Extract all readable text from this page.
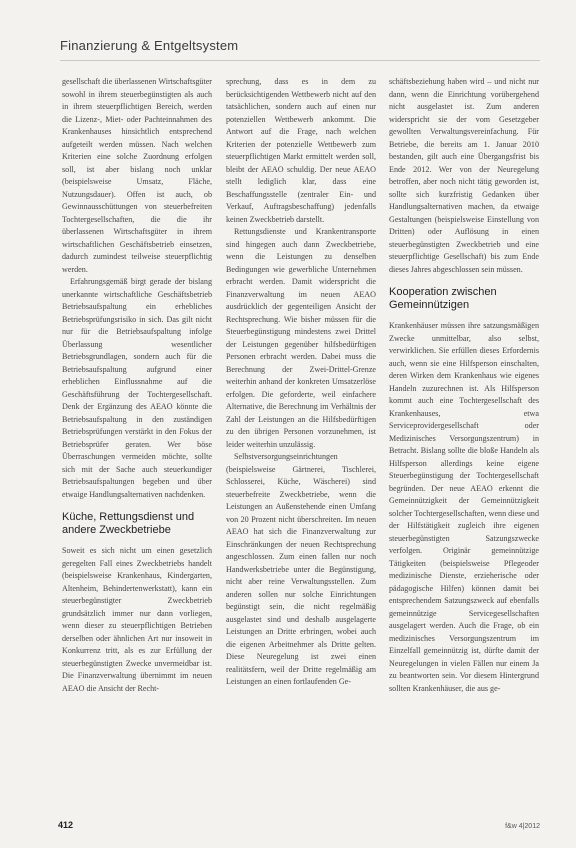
Finanzierung & Entgeltsystem

gesellschaft die überlassenen Wirtschaftsgüter sowohl in ihrem steuerbegünstigten als auch in ihrem steuerpflichtigen Bereich, werden die Lizenz-, Miet- oder Pachteinnahmen des Krankenhauses hinsichtlich entsprechend aufgeteilt werden müssen. Nach welchen Kriterien eine solche Zuordnung erfolgen soll, ist aber bislang noch unklar (beispielsweise Umsatz, Fläche, Nutzungsdauer). Offen ist auch, ob Gewinnausschüttungen von steuerbefreiten Tochtergesellschaften, die die ihr überlassenen Wirtschaftsgüter in ihrem wirtschaftlichen Geschäftsbetrieb einsetzen, dadurch zumindest teilweise steuerpflichtig werden.

Erfahrungsgemäß birgt gerade der bislang unerkannte wirtschaftliche Geschäftsbetrieb Betriebsaufspaltung ein erhebliches Betriebsprüfungsrisiko in sich. Das gilt nicht nur für die Betriebsaufspaltung infolge Überlassung wesentlicher Betriebsgrundlagen, sondern auch für die Betriebsaufspaltung aufgrund einer erheblichen Einflussnahme auf die Geschäftsführung der Tochtergesellschaft. Denk der Ergänzung des AEAO könnte die Betriebsaufspaltung in den zuständigen Betriebsprüfungen verstärkt in den Fokus der Betriebsprüfer geraten. Wer böse Überraschungen vermeiden möchte, sollte sich mit der Sache auch steuerkundiger Betriebsaufspaltungen begeben und über etwaige Handlungsalternativen nachdenken.

Küche, Rettungsdienst und andere Zweckbetriebe

Soweit es sich nicht um einen gesetzlich geregelten Fall eines Zweckbetriebs handelt (beispielsweise Krankenhaus, Kindergarten, Altenheim, Behindertenwerkstatt), kann ein steuerbegünstigter Zweckbetrieb grundsätzlich immer nur dann vorliegen, wenn dieser zu steuerpflichtigen Betrieben derselben oder ähnlichen Art nur insoweit in Konkurrenz tritt, als es zur Erfüllung der steuerbegünstigten Zwecke unvermeidbar ist. Die Finanzverwaltung übernimmt im neuen AEAO die Ansicht der Recht-

sprechung, dass es in dem zu berücksichtigenden Wettbewerb nicht auf den tatsächlichen, sondern auch auf einen nur potenziellen Wettbewerb ankommt. Die Antwort auf die Frage, nach welchen Kriterien der potenzielle Wettbewerb zum steuerpflichtigen Markt ermittelt werden soll, bleibt der AEAO schuldig. Der neue AEAO stellt lediglich klar, dass eine Beschaffungsstelle (zentraler Ein- und Verkauf, Auftragsbeschaffung) jedenfalls keinen Zweckbetrieb darstellt.

Rettungsdienste und Krankentransporte sind hingegen auch dann Zweckbetriebe, wenn die Leistungen zu denselben Bedingungen wie gewerbliche Unternehmen erbracht werden. Damit widerspricht die Finanzverwaltung im neuen AEAO ausdrücklich der gegenteiligen Ansicht der Rechtsprechung. Wie bisher müssen für die Steuerbegünstigung mindestens zwei Drittel der Leistungen gegenüber hilfsbedürftigen Personen erbracht werden. Dabei muss die Berechnung der Zwei-Drittel-Grenze weiterhin anhand der konkreten Umsatzerlöse erfolgen. Die geforderte, weil einfachere Alternative, die Berechnung im Verhältnis der Zahl der Leistungen an die Hilfsbedürftigen zu den übrigen Personen vorzunehmen, ist leider weiterhin unzulässig.

Selbstversorgungseinrichtungen (beispielsweise Gärtnerei, Tischlerei, Schlosserei, Küche, Wäscherei) sind steuerbefreite Zweckbetriebe, wenn die Leistungen an Außenstehende einen Umfang von 20 Prozent nicht überschreiten. Im neuen AEAO hat sich die Finanzverwaltung zur Einschränkungen der neuen Rechtsprechung angeschlossen. Zum einen fallen nur noch Handwerksbetriebe unter die Begünstigung, nicht aber reine Verwaltungsstellen. Zum anderen sollen nur solche Einrichtungen begünstigt sein, die nicht regelmäßig ausgelastet sind und deshalb ausgelagerte Leistungen an Dritte erbringen, wobei auch die eigenen Arbeitnehmer als Dritte gelten. Diese Neuregelung ist zwei einen realitätsfern, weil der Dritte regelmäßig am Leistungen an einen fortlaufenden Ge-

schäftsbeziehung haben wird – und nicht nur dann, wenn die Einrichtung vorübergehend nicht ausgelastet ist. Zum anderen widerspricht sie der vom Gesetzgeber gewollten Verwaltungsvereinfachung. Für Betriebe, die bereits am 1. Januar 2010 bestanden, gilt auch eine Übergangsfrist bis Ende 2012. Wer von der Neuregelung betroffen, aber noch nicht tätig geworden ist, sollte sich kurzfristig Gedanken über Handlungsalternativen machen, da etwaige Gestaltungen (beispielsweise Einstellung von Dritten) oder Auflösung in einen steuerbegünstigten Zweckbetrieb und eine steuerpflichtige Gesellschaft) bis zum Ende dieses Jahres abgeschlossen sein müssen.

Kooperation zwischen Gemeinnützigen

Krankenhäuser müssen ihre satzungsmäßigen Zwecke unmittelbar, also selbst, verwirklichen. Sie erfüllen dieses Erfordernis auch, wenn sie eine Hilfsperson einschalten, deren Wirken dem Krankenhaus wie eigenes Handeln zuzurechnen ist. Als Hilfsperson kommt auch eine Tochtergesellschaft des Krankenhauses, etwa Serviceprovidergesellschaft oder Medizinisches Versorgungszentrum) in Betracht. Bislang sollte die bloße Handeln als Hilfsperson allerdings keine eigene Steuerbegünstigung der Tochtergesellschaft begründen. Der neue AEAO erkennt die Gemeinnützigkeit der Gemeinnützigkeit solcher Tochtergesellschaften, wenn diese und der Hilfstätigkeit zugleich ihre eigenen steuerbegünstigten Satzungszwecke verfolgen. Originär gemeinnützige Tätigkeiten (beispielsweise Pflegeoder medizinische Dienste, erzieherische oder pädagogische Hilfen) können damit bei entsprechendem Satzungszweck auf ebenfalls gemeinnützige Servicegesellschaften ausgelagert werden. Auch die Frage, ob ein medizinisches Versorgungszentrum im Einzelfall gemeinnützig ist, dürfte damit der Neuregelungen in vielen Fällen nur einem Ja zu beantworten sein. Vor diesem Hintergrund sollten Krankenhäuser, die aus ge-

412	f&w 4|2012
